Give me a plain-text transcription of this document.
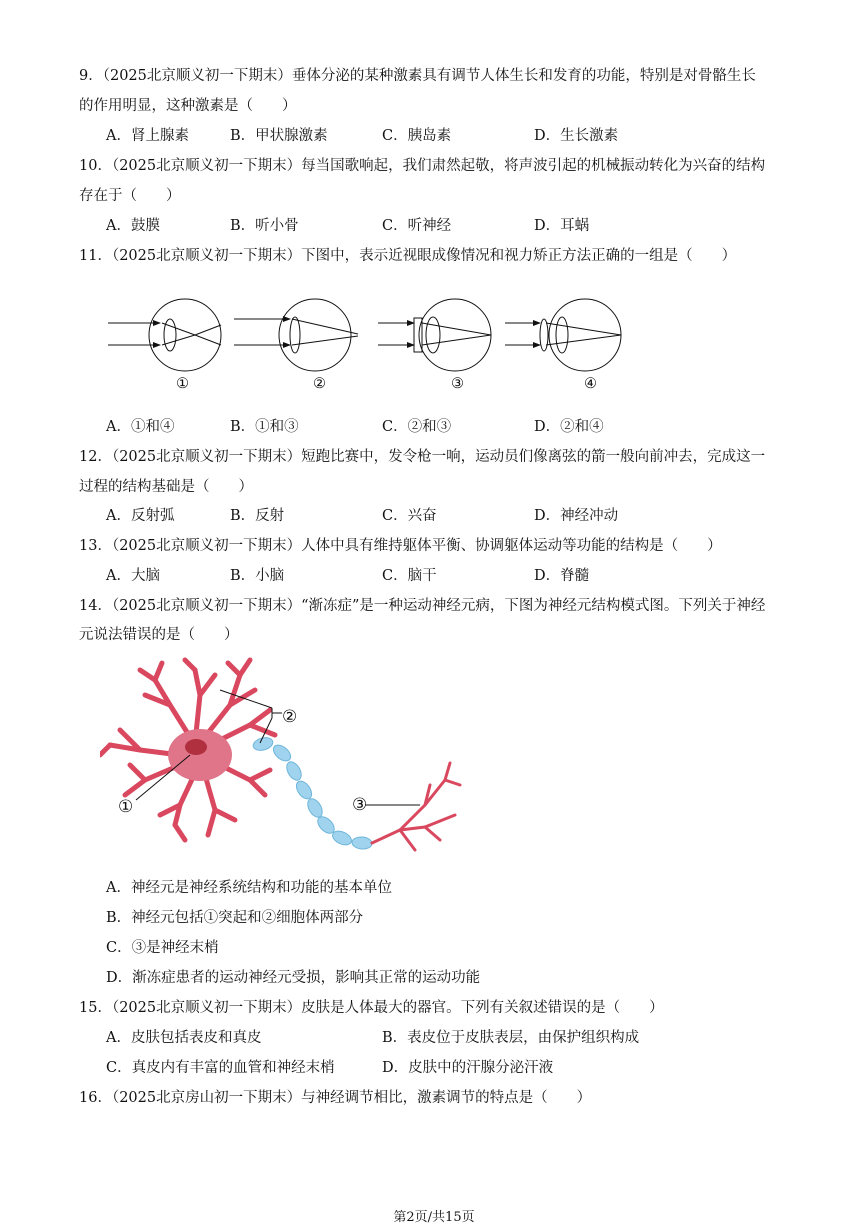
9．（2025北京顺义初一下期末）垂体分泌的某种激素具有调节人体生长和发育的功能，特别是对骨骼生长
的作用明显，这种激素是（　　）
A．肾上腺素	B．甲状腺激素	C．胰岛素	D．生长激素
10．（2025北京顺义初一下期末）每当国歌响起，我们肃然起敬，将声波引起的机械振动转化为兴奋的结构
存在于（　　）
A．鼓膜	B．听小骨	C．听神经	D．耳蜗
11．（2025北京顺义初一下期末）下图中，表示近视眼成像情况和视力矫正方法正确的一组是（　　）
①	②	③	④
A．①和④	B．①和③	C．②和③	D．②和④
12．（2025北京顺义初一下期末）短跑比赛中，发令枪一响，运动员们像离弦的箭一般向前冲去，完成这一
过程的结构基础是（　　）
A．反射弧	B．反射	C．兴奋	D．神经冲动
13．（2025北京顺义初一下期末）人体中具有维持躯体平衡、协调躯体运动等功能的结构是（　　）
A．大脑	B．小脑	C．脑干	D．脊髓
14．（2025北京顺义初一下期末）“渐冻症”是一种运动神经元病，下图为神经元结构模式图。下列关于神经
元说法错误的是（　　）
②
①	③
A．神经元是神经系统结构和功能的基本单位
B．神经元包括①突起和②细胞体两部分
C．③是神经末梢
D．渐冻症患者的运动神经元受损，影响其正常的运动功能
15．（2025北京顺义初一下期末）皮肤是人体最大的器官。下列有关叙述错误的是（　　）
A．皮肤包括表皮和真皮	B．表皮位于皮肤表层，由保护组织构成
C．真皮内有丰富的血管和神经末梢	D．皮肤中的汗腺分泌汗液
16．（2025北京房山初一下期末）与神经调节相比，激素调节的特点是（　　）
第2页/共15页
